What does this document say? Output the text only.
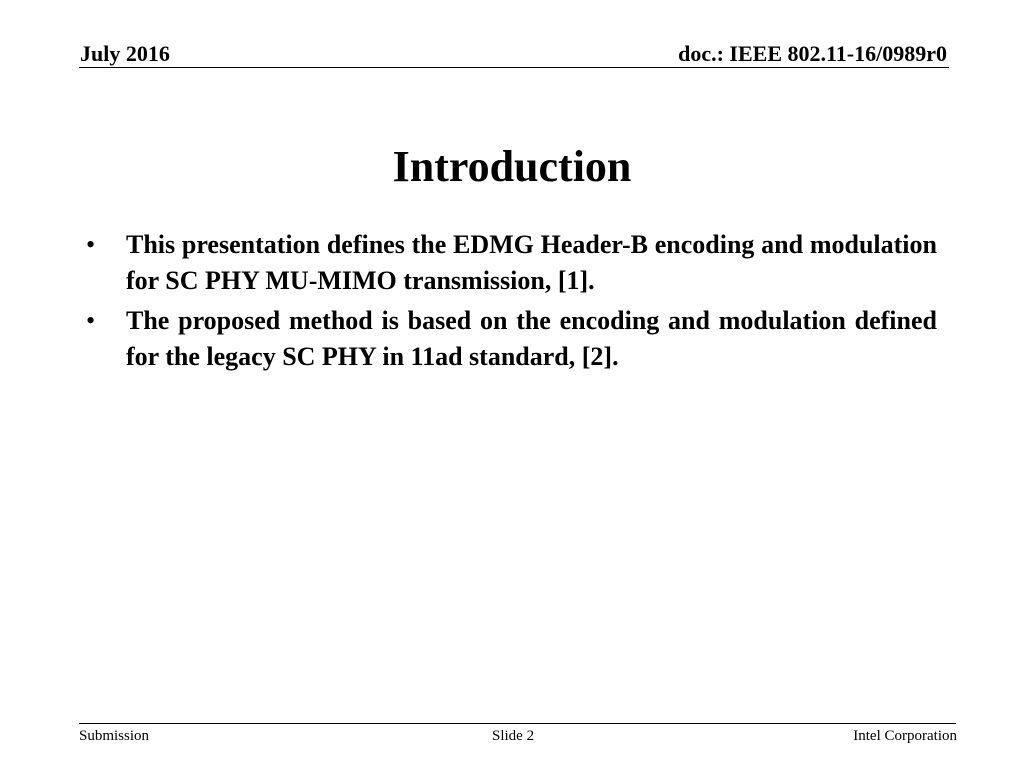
July 2016	doc.: IEEE 802.11-16/0989r0
Introduction
•	This presentation defines the EDMG Header-B encoding and modulation for SC PHY MU-MIMO transmission, [1].
•	The proposed method is based on the encoding and modulation defined for the legacy SC PHY in 11ad standard, [2].
Submission	Slide 2	Intel Corporation
